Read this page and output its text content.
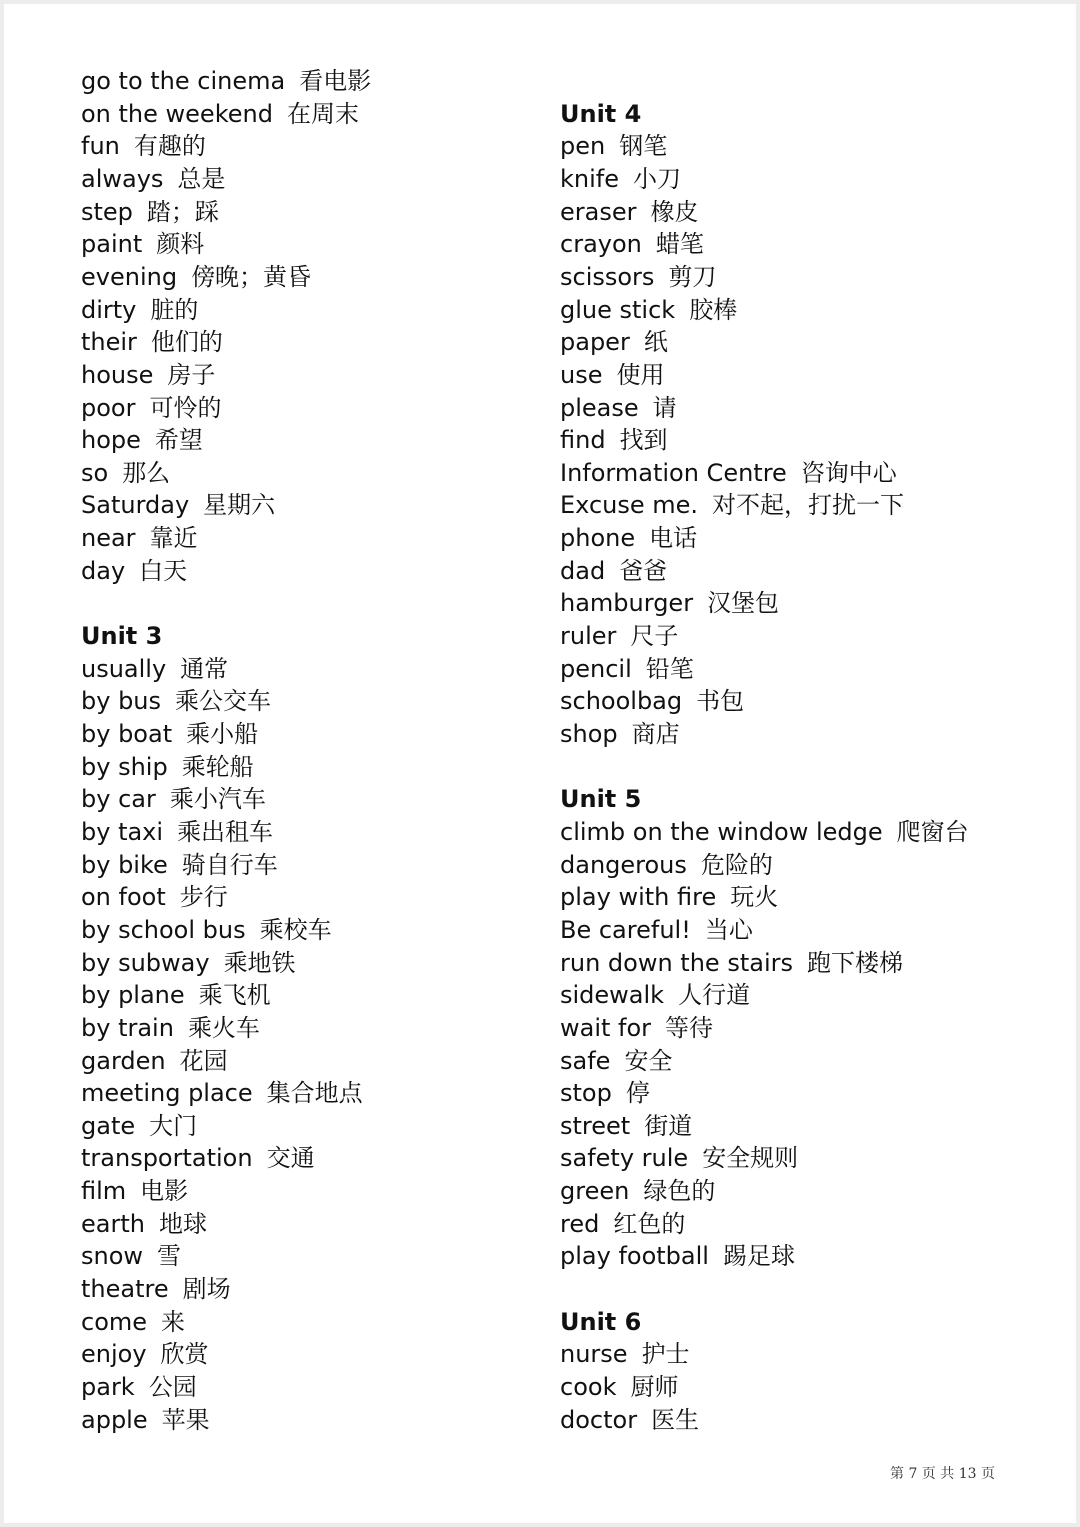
go to the cinema 看电影
on the weekend 在周末
fun 有趣的
always 总是
step 踏；踩
paint 颜料
evening 傍晚；黄昏
dirty 脏的
their 他们的
house 房子
poor 可怜的
hope 希望
so 那么
Saturday 星期六
near 靠近
day 白天
Unit 3
usually 通常
by bus 乘公交车
by boat 乘小船
by ship 乘轮船
by car 乘小汽车
by taxi 乘出租车
by bike 骑自行车
on foot 步行
by school bus 乘校车
by subway 乘地铁
by plane 乘飞机
by train 乘火车
garden 花园
meeting place 集合地点
gate 大门
transportation 交通
film 电影
earth 地球
snow 雪
theatre 剧场
come 来
enjoy 欣赏
park 公园
apple 苹果
Unit 4
pen 钢笔
knife 小刀
eraser 橡皮
crayon 蜡笔
scissors 剪刀
glue stick 胶棒
paper 纸
use 使用
please 请
find 找到
Information Centre 咨询中心
Excuse me. 对不起，打扰一下
phone 电话
dad 爸爸
hamburger 汉堡包
ruler 尺子
pencil 铅笔
schoolbag 书包
shop 商店
Unit 5
climb on the window ledge 爬窗台
dangerous 危险的
play with fire 玩火
Be careful! 当心
run down the stairs 跑下楼梯
sidewalk 人行道
wait for 等待
safe 安全
stop 停
street 街道
safety rule 安全规则
green 绿色的
red 红色的
play football 踢足球
Unit 6
nurse 护士
cook 厨师
doctor 医生
第 7 页 共 13 页
